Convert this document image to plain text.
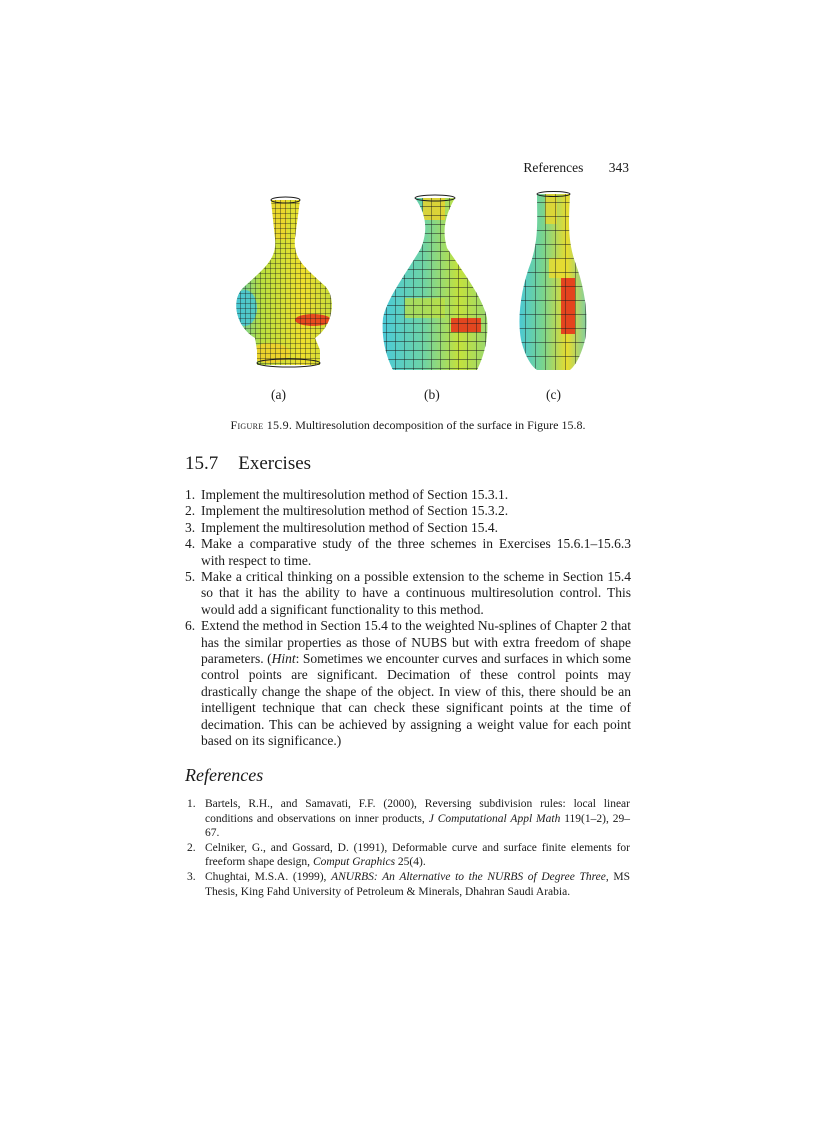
References 343
(a)	(b)	(c)
Figure 15.9. Multiresolution decomposition of the surface in Figure 15.8.
15.7 Exercises
1. Implement the multiresolution method of Section 15.3.1.
2. Implement the multiresolution method of Section 15.3.2.
3. Implement the multiresolution method of Section 15.4.
4. Make a comparative study of the three schemes in Exercises 15.6.1–15.6.3 with respect to time.
5. Make a critical thinking on a possible extension to the scheme in Section 15.4 so that it has the ability to have a continuous multiresolution control. This would add a significant functionality to this method.
6. Extend the method in Section 15.4 to the weighted Nu-splines of Chapter 2 that has the similar properties as those of NUBS but with extra freedom of shape parameters. (Hint: Sometimes we encounter curves and surfaces in which some control points are significant. Decimation of these control points may drastically change the shape of the object. In view of this, there should be an intelligent technique that can check these significant points at the time of decimation. This can be achieved by assigning a weight value for each point based on its significance.)
References
1. Bartels, R.H., and Samavati, F.F. (2000), Reversing subdivision rules: local linear conditions and observations on inner products, J Computational Appl Math 119(1–2), 29–67.
2. Celniker, G., and Gossard, D. (1991), Deformable curve and surface finite elements for freeform shape design, Comput Graphics 25(4).
3. Chughtai, M.S.A. (1999), ANURBS: An Alternative to the NURBS of Degree Three, MS Thesis, King Fahd University of Petroleum & Minerals, Dhahran Saudi Arabia.
